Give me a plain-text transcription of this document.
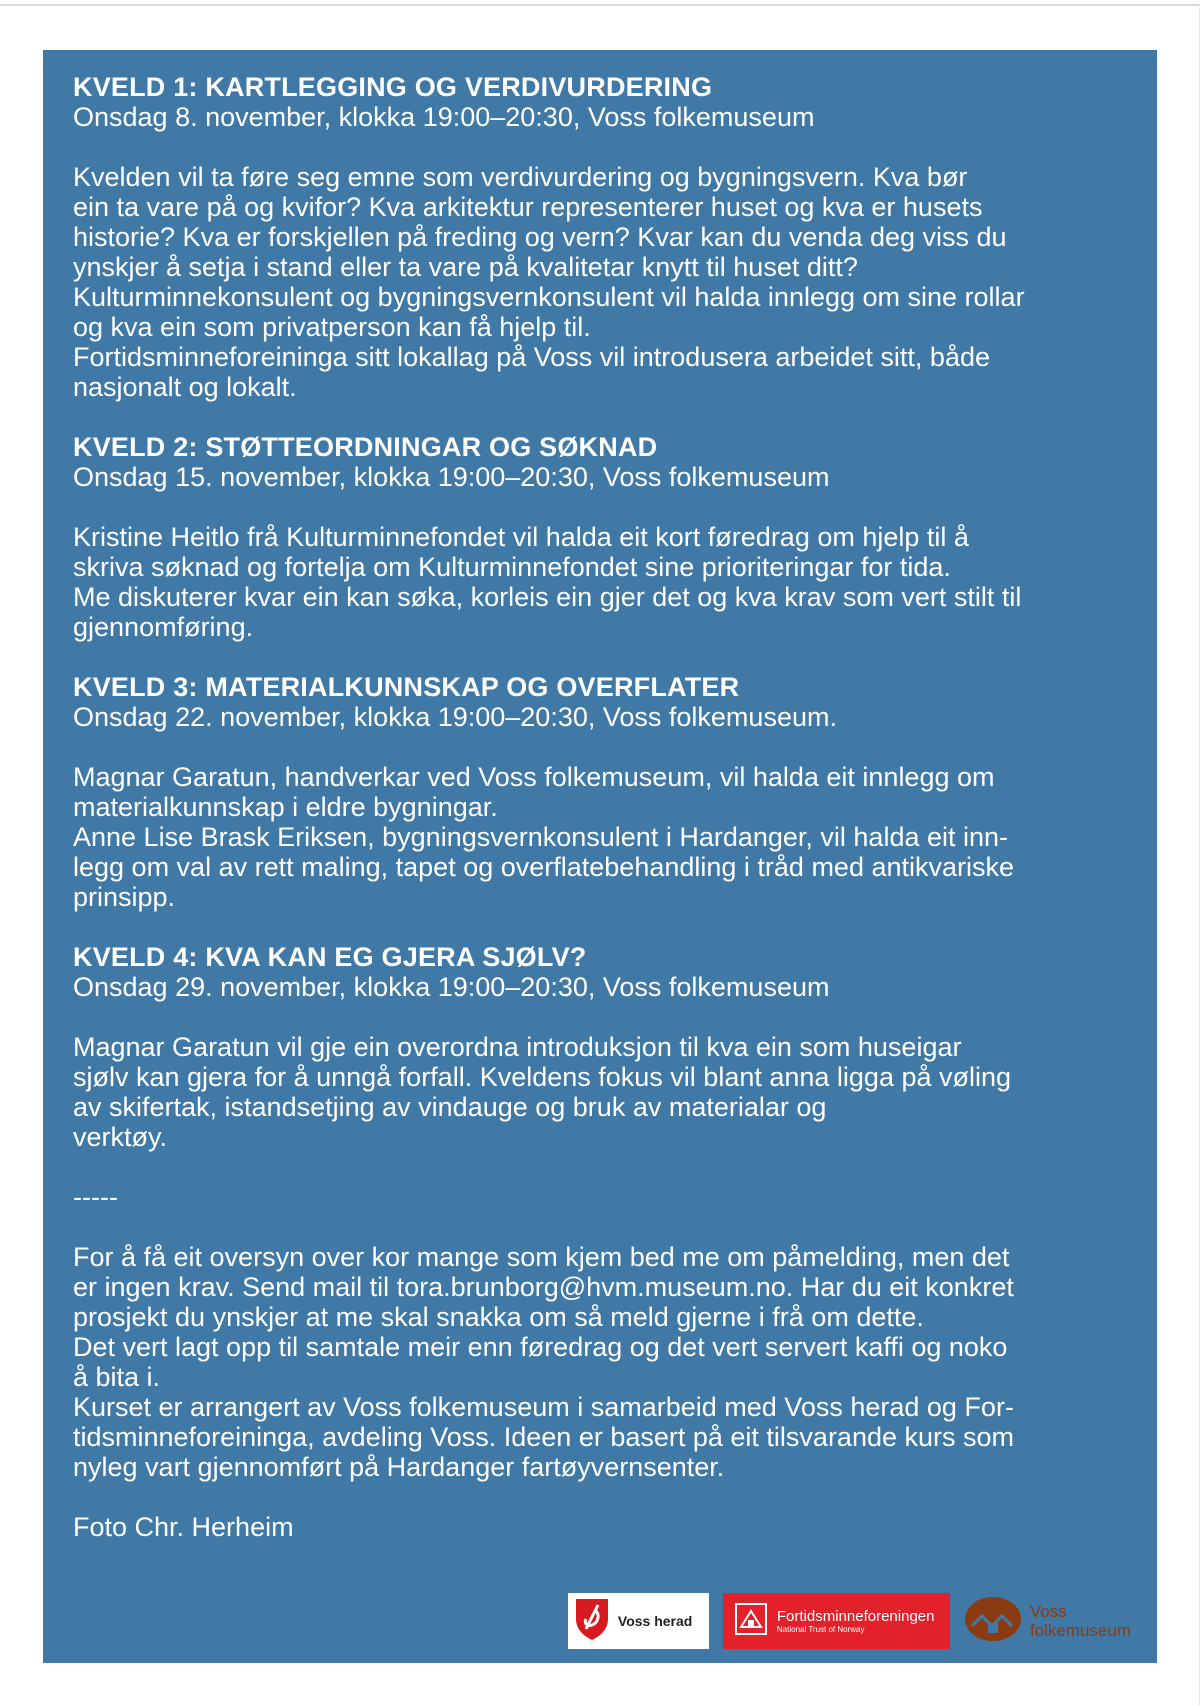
KVELD 1: KARTLEGGING OG VERDIVURDERING

Onsdag 8. november, klokka 19:00–20:30, Voss folkemuseum

Kvelden vil ta føre seg emne som verdivurdering og bygningsvern. Kva bør

ein ta vare på og kvifor? Kva arkitektur representerer huset og kva er husets

historie? Kva er forskjellen på freding og vern? Kvar kan du venda deg viss du

ynskjer å setja i stand eller ta vare på kvalitetar knytt til huset ditt?

Kulturminnekonsulent og bygningsvernkonsulent vil halda innlegg om sine rollar

og kva ein som privatperson kan få hjelp til.

Fortidsminneforeininga sitt lokallag på Voss vil introdusera arbeidet sitt, både

nasjonalt og lokalt.

KVELD 2: STØTTEORDNINGAR OG SØKNAD

Onsdag 15. november, klokka 19:00–20:30, Voss folkemuseum

Kristine Heitlo frå Kulturminnefondet vil halda eit kort føredrag om hjelp til å

skriva søknad og fortelja om Kulturminnefondet sine prioriteringar for tida.

Me diskuterer kvar ein kan søka, korleis ein gjer det og kva krav som vert stilt til

gjennomføring.

KVELD 3: MATERIALKUNNSKAP OG OVERFLATER

Onsdag 22. november, klokka 19:00–20:30, Voss folkemuseum.

Magnar Garatun, handverkar ved Voss folkemuseum, vil halda eit innlegg om

materialkunnskap i eldre bygningar.

Anne Lise Brask Eriksen, bygningsvernkonsulent i Hardanger, vil halda eit inn-

legg om val av rett maling, tapet og overflatebehandling i tråd med antikvariske

prinsipp.

KVELD 4: KVA KAN EG GJERA SJØLV?

Onsdag 29. november, klokka 19:00–20:30, Voss folkemuseum

Magnar Garatun vil gje ein overordna introduksjon til kva ein som huseigar

sjølv kan gjera for å unngå forfall. Kveldens fokus vil blant anna ligga på vøling

av skifertak, istandsetjing av vindauge og bruk av materialar og

verktøy.

-----

For å få eit oversyn over kor mange som kjem bed me om påmelding, men det

er ingen krav. Send mail til tora.brunborg@hvm.museum.no. Har du eit konkret

prosjekt du ynskjer at me skal snakka om så meld gjerne i frå om dette.

Det vert lagt opp til samtale meir enn føredrag og det vert servert kaffi og noko

å bita i.

Kurset er arrangert av Voss folkemuseum i samarbeid med Voss herad og For-

tidsminneforeininga, avdeling Voss. Ideen er basert på eit tilsvarande kurs som

nyleg vart gjennomført på Hardanger fartøyvernsenter.

Foto Chr. Herheim

Voss herad	Fortidsminneforeningen
National Trust of Norway
Voss
folkemuseum
